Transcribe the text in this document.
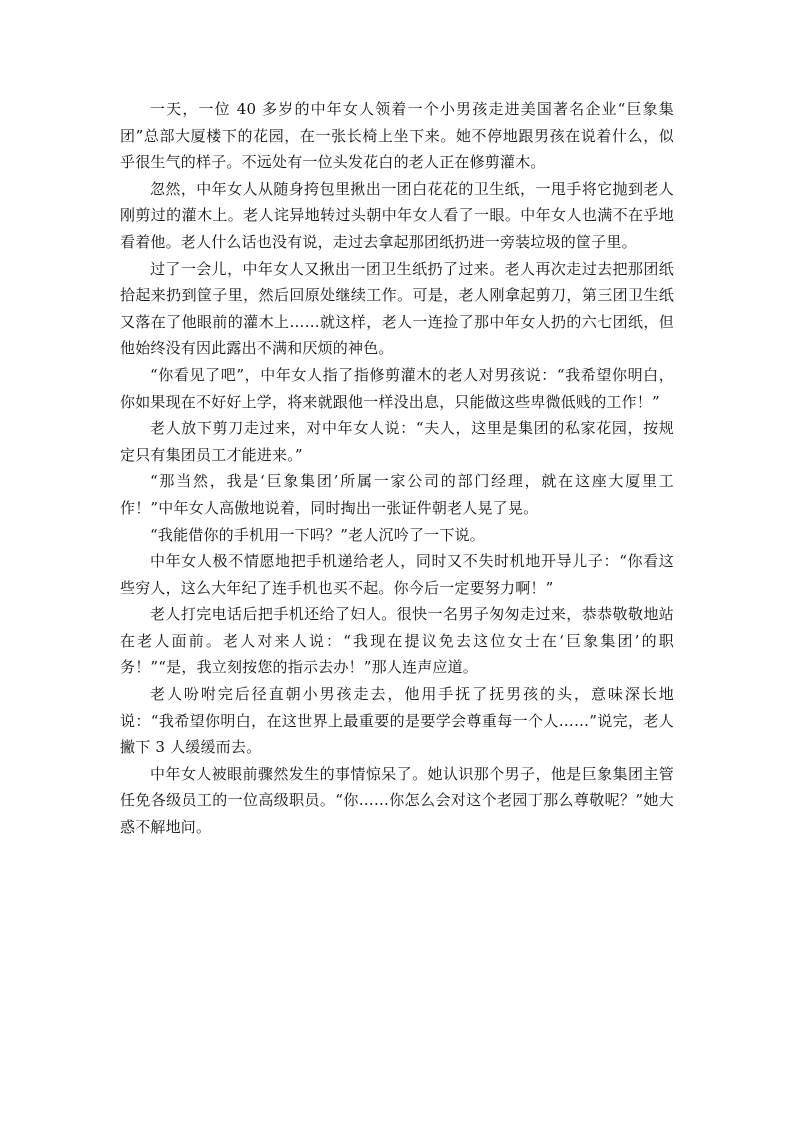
一天，一位 40 多岁的中年女人领着一个小男孩走进美国著名企业“巨象集团”总部大厦楼下的花园，在一张长椅上坐下来。她不停地跟男孩在说着什么，似乎很生气的样子。不远处有一位头发花白的老人正在修剪灌木。

忽然，中年女人从随身挎包里揪出一团白花花的卫生纸，一甩手将它抛到老人刚剪过的灌木上。老人诧异地转过头朝中年女人看了一眼。中年女人也满不在乎地看着他。老人什么话也没有说，走过去拿起那团纸扔进一旁装垃圾的筐子里。

过了一会儿，中年女人又揪出一团卫生纸扔了过来。老人再次走过去把那团纸拾起来扔到筐子里，然后回原处继续工作。可是，老人刚拿起剪刀，第三团卫生纸又落在了他眼前的灌木上……就这样，老人一连捡了那中年女人扔的六七团纸，但他始终没有因此露出不满和厌烦的神色。

“你看见了吧”，中年女人指了指修剪灌木的老人对男孩说：“我希望你明白，你如果现在不好好上学，将来就跟他一样没出息，只能做这些卑微低贱的工作！”

老人放下剪刀走过来，对中年女人说：“夫人，这里是集团的私家花园，按规定只有集团员工才能进来。”

“那当然，我是‘巨象集团’所属一家公司的部门经理，就在这座大厦里工作！”中年女人高傲地说着，同时掏出一张证件朝老人晃了晃。

“我能借你的手机用一下吗？”老人沉吟了一下说。

中年女人极不情愿地把手机递给老人，同时又不失时机地开导儿子：“你看这些穷人，这么大年纪了连手机也买不起。你今后一定要努力啊！”

老人打完电话后把手机还给了妇人。很快一名男子匆匆走过来，恭恭敬敬地站在老人面前。老人对来人说：“我现在提议免去这位女士在‘巨象集团’的职务！”“是，我立刻按您的指示去办！”那人连声应道。

老人吩咐完后径直朝小男孩走去，他用手抚了抚男孩的头，意味深长地说：“我希望你明白，在这世界上最重要的是要学会尊重每一个人……”说完，老人撇下 3 人缓缓而去。

中年女人被眼前骤然发生的事情惊呆了。她认识那个男子，他是巨象集团主管任免各级员工的一位高级职员。“你……你怎么会对这个老园丁那么尊敬呢？”她大惑不解地问。
